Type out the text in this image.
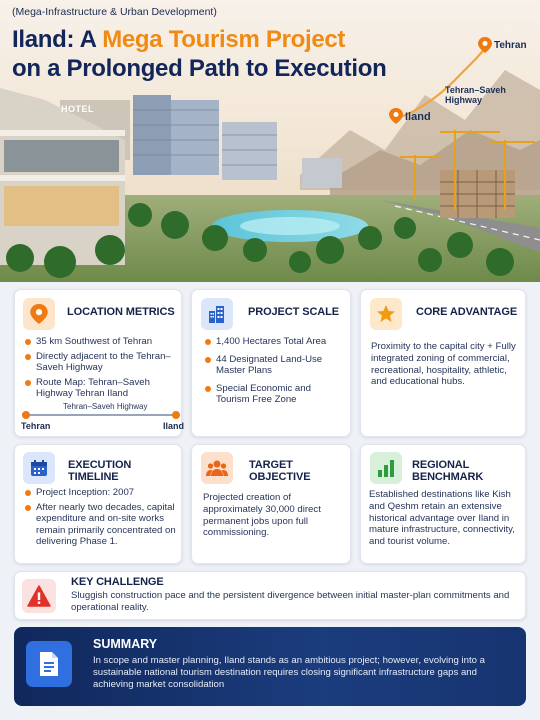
(Mega-Infrastructure & Urban Development)
Iland: A Mega Tourism Project
on a Prolonged Path to Execution
HOTEL
Tehran
Tehran–Saveh Highway
Iland
LOCATION METRICS
35 km Southwest of Tehran
Directly adjacent to the Tehran–Saveh Highway
Route Map: Tehran–Saveh Highway Tehran Iland
Tehran–Saveh Highway
Tehran	Iland
PROJECT SCALE
1,400 Hectares Total Area
44 Designated Land-Use Master Plans
Special Economic and Tourism Free Zone
CORE ADVANTAGE
Proximity to the capital city + Fully integrated zoning of commercial, recreational, hospitality, athletic, and educational hubs.
EXECUTION TIMELINE
Project Inception: 2007
After nearly two decades, capital expenditure and on-site works remain primarily concentrated on delivering Phase 1.
TARGET OBJECTIVE
Projected creation of approximately 30,000 direct permanent jobs upon full commissioning.
REGIONAL BENCHMARK
Established destinations like Kish and Qeshm retain an extensive historical advantage over Iland in mature infrastructure, connectivity, and tourist volume.
KEY CHALLENGE
Sluggish construction pace and the persistent divergence between initial master-plan commitments and operational reality.
SUMMARY
In scope and master planning, Iland stands as an ambitious project; however, evolving into a sustainable national tourism destination requires closing significant infrastructure gaps and achieving market consolidation
